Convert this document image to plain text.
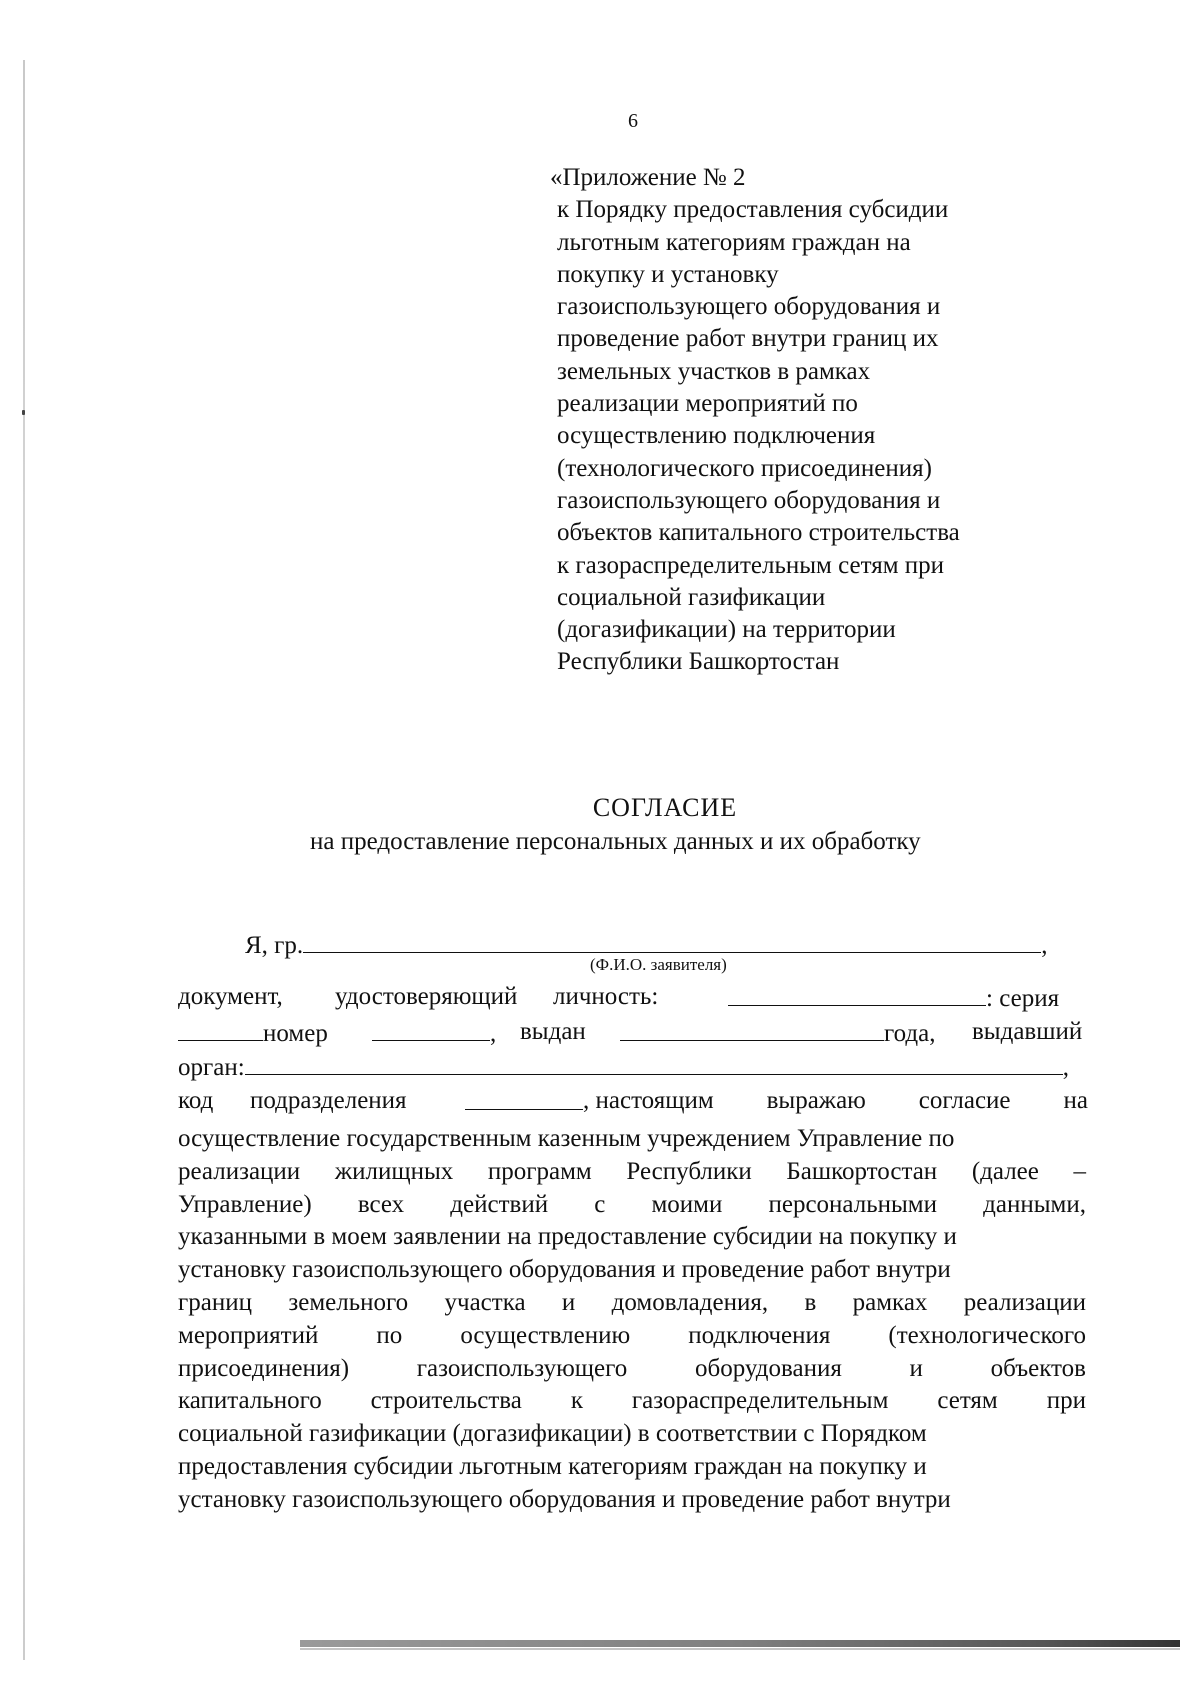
6
«Приложение № 2
к Порядку предоставления субсидии
льготным категориям граждан на
покупку и установку
газоиспользующего оборудования и
проведение работ внутри границ их
земельных участков в рамках
реализации мероприятий по
осуществлению подключения
(технологического присоединения)
газоиспользующего оборудования и
объектов капитального строительства
к газораспределительным сетям при
социальной газификации
(догазификации) на территории
Республики Башкортостан
СОГЛАСИЕ
на предоставление персональных данных и их обработку
Я, гр.	,
(Ф.И.О. заявителя)
документ, удостоверяющий личность:	: серия
номер	, выдан	года, выдавший
орган:	,
код подразделения	, настоящим выражаю согласие на
осуществление государственным казенным учреждением Управление по
реализации жилищных программ Республики Башкортостан (далее –
Управление) всех действий с моими персональными данными,
указанными в моем заявлении на предоставление субсидии на покупку и
установку газоиспользующего оборудования и проведение работ внутри
границ земельного участка и домовладения, в рамках реализации
мероприятий по осуществлению подключения (технологического
присоединения)	газоиспользующего	оборудования	и	объектов
капитального строительства к газораспределительным сетям при
социальной газификации (догазификации) в соответствии с Порядком
предоставления субсидии льготным категориям граждан на покупку и
установку газоиспользующего оборудования и проведение работ внутри
